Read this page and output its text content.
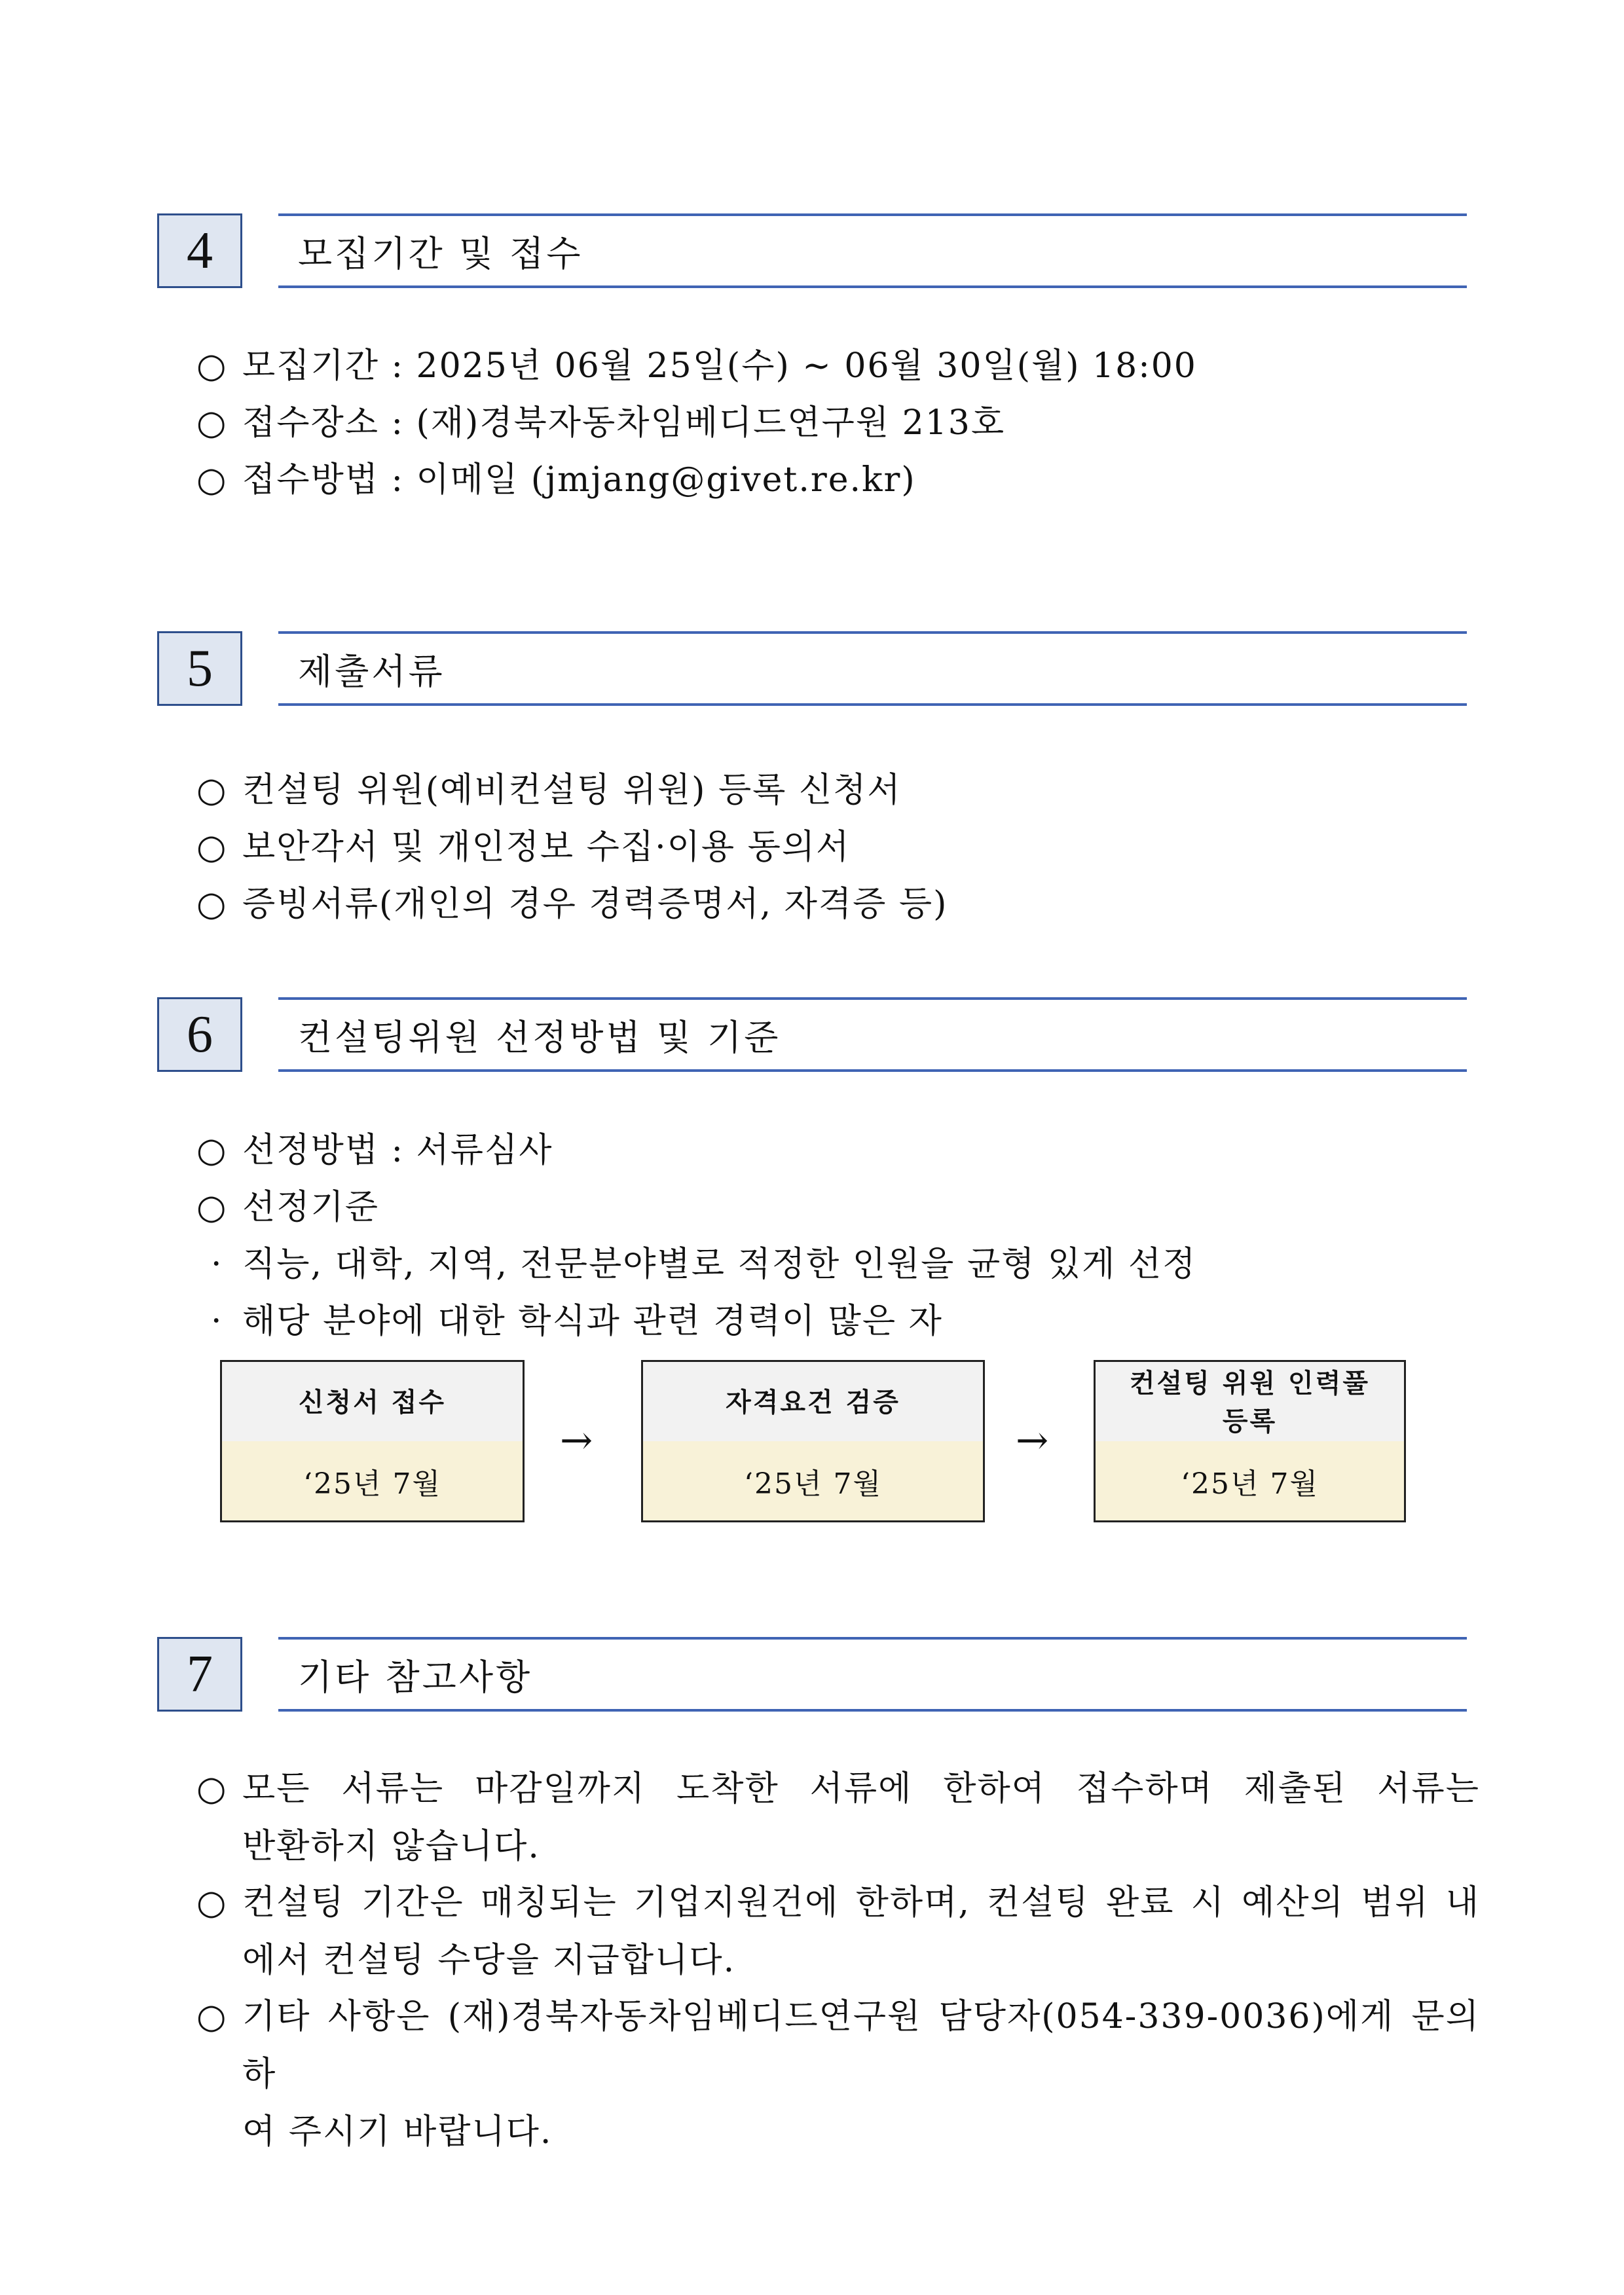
4	모집기간 및 접수
○ 모집기간 : 2025년 06월 25일(수) ~ 06월 30일(월) 18:00
○ 접수장소 : (재)경북자동차임베디드연구원 213호
○ 접수방법 : 이메일 (jmjang@givet.re.kr)
5	제출서류
○ 컨설팅 위원(예비컨설팅 위원) 등록 신청서
○ 보안각서 및 개인정보 수집·이용 동의서
○ 증빙서류(개인의 경우 경력증명서, 자격증 등)
6	컨설팅위원 선정방법 및 기준
○ 선정방법 : 서류심사
○ 선정기준
· 직능, 대학, 지역, 전문분야별로 적정한 인원을 균형 있게 선정
· 해당 분야에 대한 학식과 관련 경력이 많은 자
신청서 접수
‘25년 7월
→
자격요건 검증
‘25년 7월
→
컨설팅 위원 인력풀
등록
‘25년 7월
7	기타 참고사항
○ 모든 서류는 마감일까지 도착한 서류에 한하여 접수하며 제출된 서류는
반환하지 않습니다.
○ 컨설팅 기간은 매칭되는 기업지원건에 한하며, 컨설팅 완료 시 예산의 범위 내
에서 컨설팅 수당을 지급합니다.
○ 기타 사항은 (재)경북자동차임베디드연구원 담당자(054-339-0036)에게 문의하
여 주시기 바랍니다.
